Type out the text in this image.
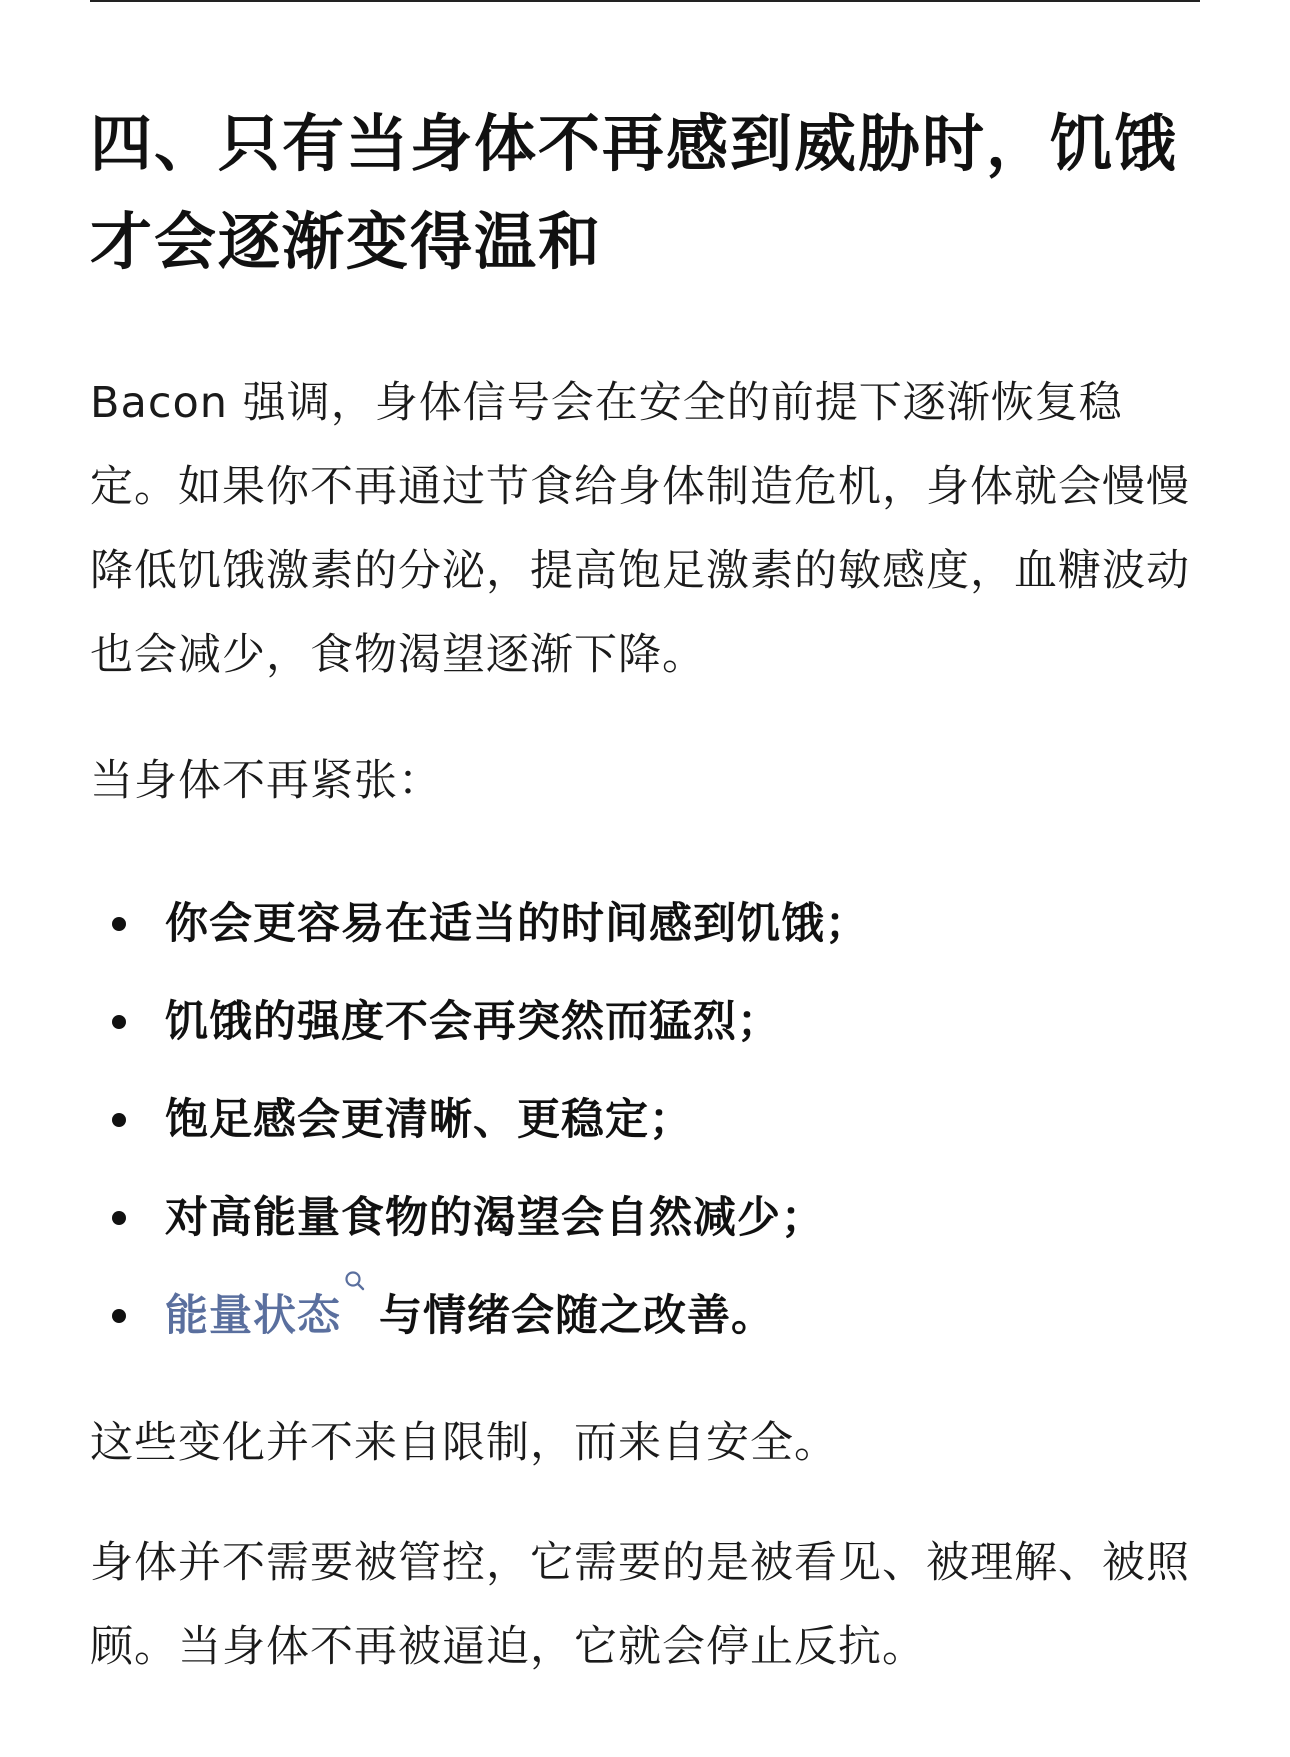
四、只有当身体不再感到威胁时，饥饿才会逐渐变得温和

Bacon 强调，身体信号会在安全的前提下逐渐恢复稳定。如果你不再通过节食给身体制造危机，身体就会慢慢降低饥饿激素的分泌，提高饱足激素的敏感度，血糖波动也会减少，食物渴望逐渐下降。

当身体不再紧张：

你会更容易在适当的时间感到饥饿；
饥饿的强度不会再突然而猛烈；
饱足感会更清晰、更稳定；
对高能量食物的渴望会自然减少；
能量状态 与情绪会随之改善。

这些变化并不来自限制，而来自安全。

身体并不需要被管控，它需要的是被看见、被理解、被照顾。当身体不再被逼迫，它就会停止反抗。
